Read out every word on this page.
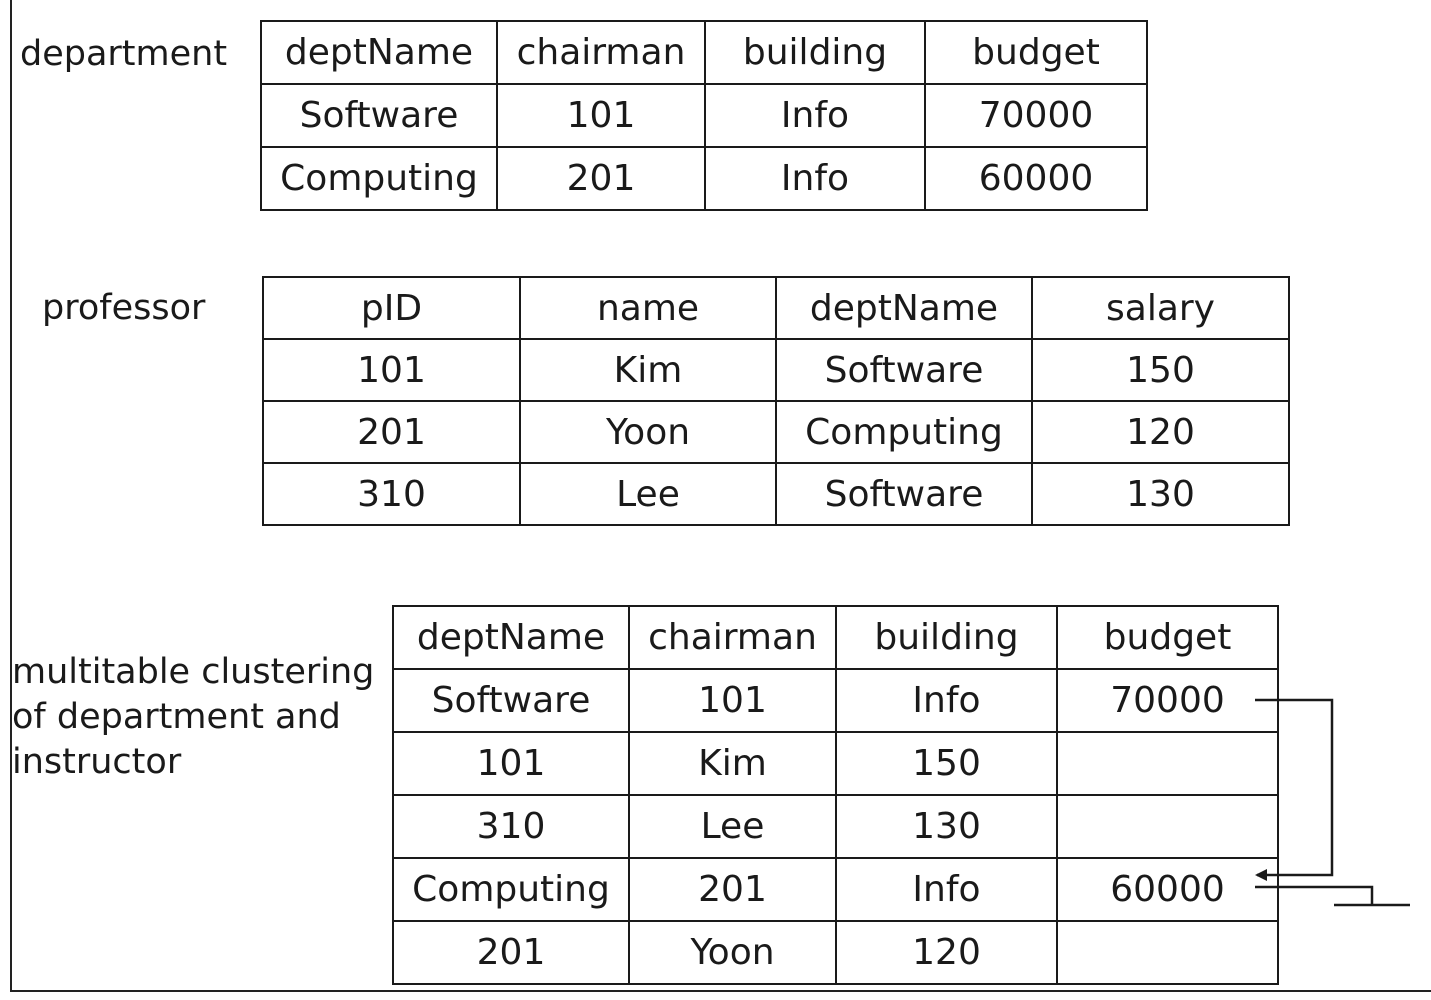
department deptName	chairman	building	budget
Software	101	Info	70000
Computing	201	Info	60000
professor	pID	name	deptName	salary
101	Kim	Software	150
201	Yoon	Computing	120
310	Lee	Software	130
multitable clustering
of department and
instructor
deptName	chairman	building	budget
Software	101	Info	70000
101	Kim	150	
310	Lee	130	
Computing	201	Info	60000
201	Yoon	120	
